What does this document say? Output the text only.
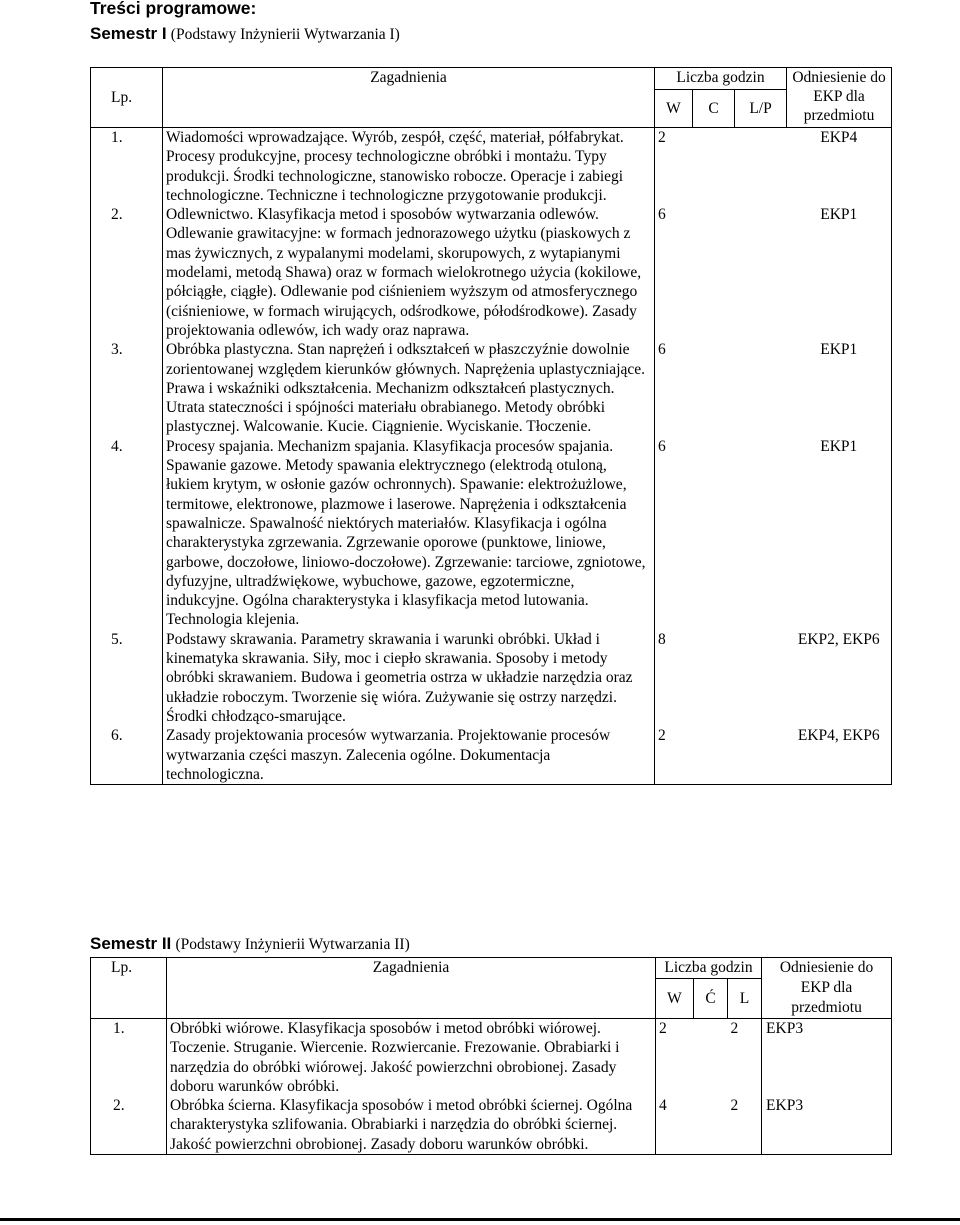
Treści programowe:
Semestr I (Podstawy Inżynierii Wytwarzania I)
Lp.	Zagadnienia	Liczba godzin			Odniesienie do EKP dla przedmiotu
		W	C	L/P	
1.	Wiadomości wprowadzające. Wyrób, zespół, część, materiał, półfabrykat. Procesy produkcyjne, procesy technologiczne obróbki i montażu. Typy produkcji. Środki technologiczne, stanowisko robocze. Operacje i zabiegi technologiczne. Techniczne i technologiczne przygotowanie produkcji.	2			EKP4
2.	Odlewnictwo. Klasyfikacja metod i sposobów wytwarzania odlewów. Odlewanie grawitacyjne: w formach jednorazowego użytku (piaskowych z mas żywicznych, z wypalanymi modelami, skorupowych, z wytapianymi modelami, metodą Shawa) oraz w formach wielokrotnego użycia (kokilowe, półciągłe, ciągłe). Odlewanie pod ciśnieniem wyższym od atmosferycznego (ciśnieniowe, w formach wirujących, odśrodkowe, półodśrodkowe). Zasady projektowania odlewów, ich wady oraz naprawa.	6			EKP1
3.	Obróbka plastyczna. Stan naprężeń i odkształceń w płaszczyźnie dowolnie zorientowanej względem kierunków głównych. Naprężenia uplastyczniające. Prawa i wskaźniki odkształcenia. Mechanizm odkształceń plastycznych. Utrata stateczności i spójności materiału obrabianego. Metody obróbki plastycznej. Walcowanie. Kucie. Ciągnienie. Wyciskanie. Tłoczenie.	6			EKP1
4.	Procesy spajania. Mechanizm spajania. Klasyfikacja procesów spajania. Spawanie gazowe. Metody spawania elektrycznego (elektrodą otuloną, łukiem krytym, w osłonie gazów ochronnych). Spawanie: elektrożużlowe, termitowe, elektronowe, plazmowe i laserowe. Naprężenia i odkształcenia spawalnicze. Spawalność niektórych materiałów. Klasyfikacja i ogólna charakterystyka zgrzewania. Zgrzewanie oporowe (punktowe, liniowe, garbowe, doczołowe, liniowo-doczołowe). Zgrzewanie: tarciowe, zgniotowe, dyfuzyjne, ultradźwiękowe, wybuchowe, gazowe, egzotermiczne, indukcyjne. Ogólna charakterystyka i klasyfikacja metod lutowania. Technologia klejenia.	6			EKP1
5.	Podstawy skrawania. Parametry skrawania i warunki obróbki. Układ i kinematyka skrawania. Siły, moc i ciepło skrawania. Sposoby i metody obróbki skrawaniem. Budowa i geometria ostrza w układzie narzędzia oraz układzie roboczym. Tworzenie się wióra. Zużywanie się ostrzy narzędzi. Środki chłodząco-smarujące.	8			EKP2, EKP6
6.	Zasady projektowania procesów wytwarzania. Projektowanie procesów wytwarzania części maszyn. Zalecenia ogólne. Dokumentacja technologiczna.	2			EKP4, EKP6
Semestr II (Podstawy Inżynierii Wytwarzania II)
Lp.	Zagadnienia	Liczba godzin			Odniesienie do EKP dla przedmiotu
		W	Ć	L	
1.	Obróbki wiórowe. Klasyfikacja sposobów i metod obróbki wiórowej. Toczenie. Struganie. Wiercenie. Rozwiercanie. Frezowanie. Obrabiarki i narzędzia do obróbki wiórowej. Jakość powierzchni obrobionej. Zasady doboru warunków obróbki.	2		2	EKP3
2.	Obróbka ścierna. Klasyfikacja sposobów i metod obróbki ściernej. Ogólna charakterystyka szlifowania. Obrabiarki i narzędzia do obróbki ściernej. Jakość powierzchni obrobionej. Zasady doboru warunków obróbki.	4		2	EKP3
